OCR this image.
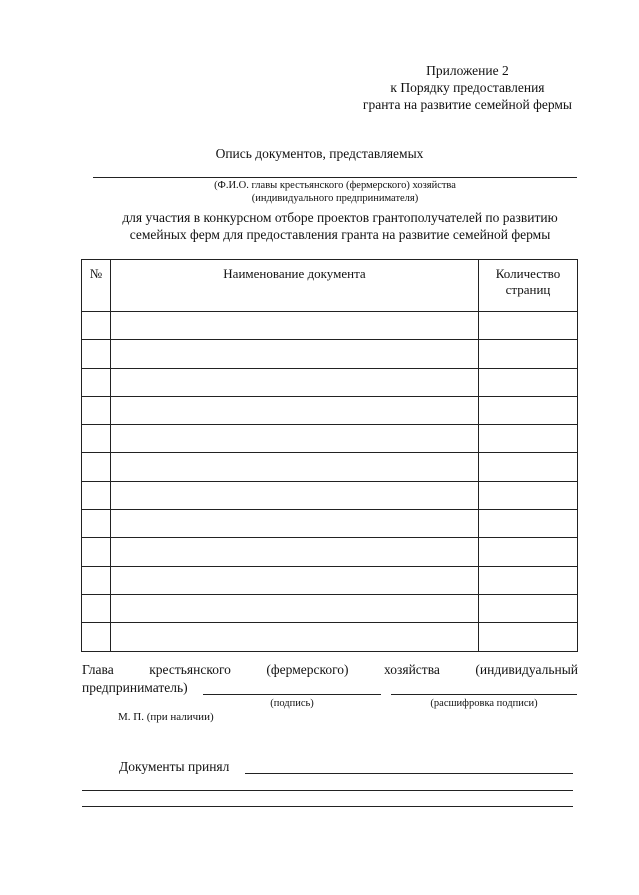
Приложение 2
к Порядку предоставления
гранта на развитие семейной фермы
Опись документов, представляемых
(Ф.И.О. главы крестьянского (фермерского) хозяйства
(индивидуального предпринимателя)
для участия в конкурсном отборе проектов грантополучателей по развитию
семейных ферм для предоставления гранта на развитие семейной фермы
№	Наименование документа	Количество страниц

Глава крестьянского (фермерского) хозяйства (индивидуальный
предприниматель)
(подпись)	(расшифровка подписи)
М. П. (при наличии)
Документы принял
